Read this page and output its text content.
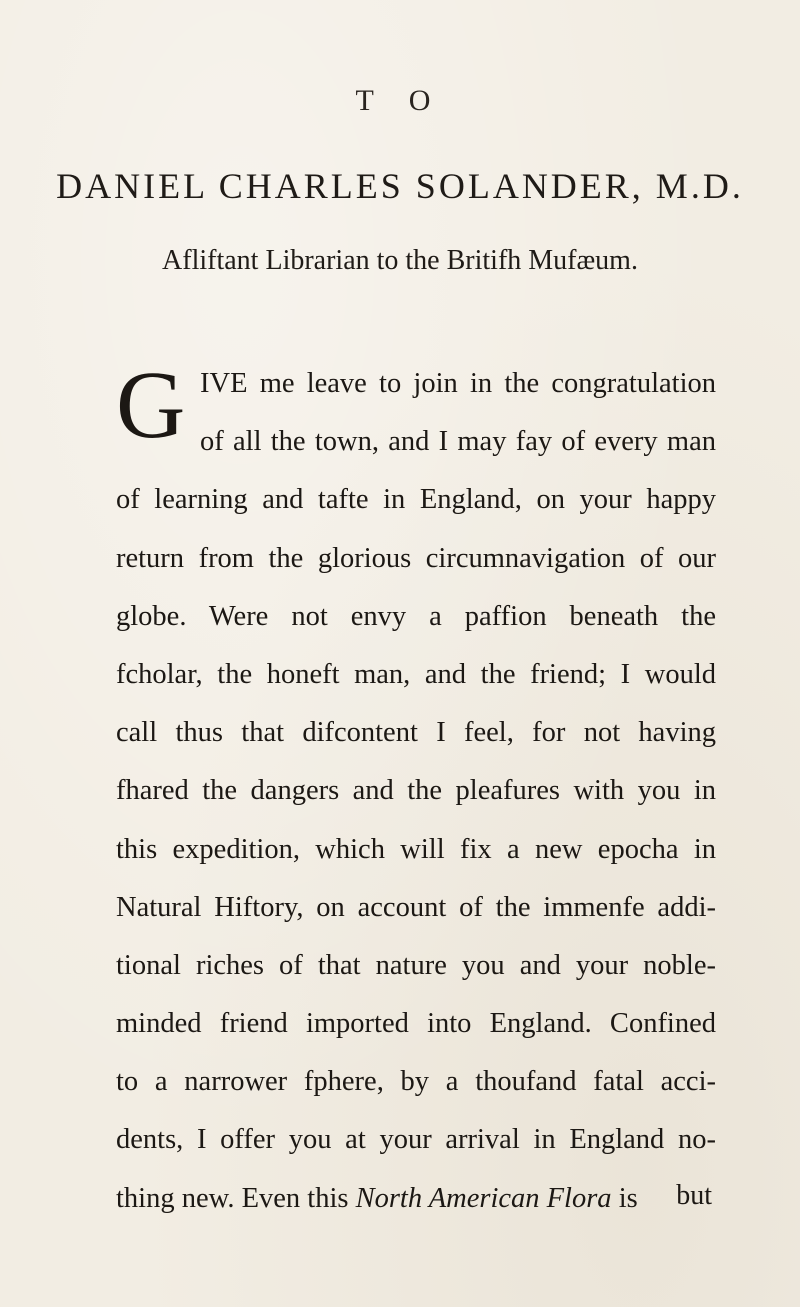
T O
DANIEL CHARLES SOLANDER, M.D.
Afliftant Librarian to the Britifh Mufæum.
G IVE me leave to join in the congratulation
of all the town, and I may fay of every man
of learning and tafte in England, on your happy
return from the glorious circumnavigation of our
globe. Were not envy a paffion beneath the
fcholar, the honeft man, and the friend; I would
call thus that difcontent I feel, for not having
fhared the dangers and the pleafures with you in
this expedition, which will fix a new epocha in
Natural Hiftory, on account of the immenfe addi-
tional riches of that nature you and your noble-
minded friend imported into England. Confined
to a narrower fphere, by a thoufand fatal acci-
dents, I offer you at your arrival in England no-
thing new. Even this North American Flora is	but
